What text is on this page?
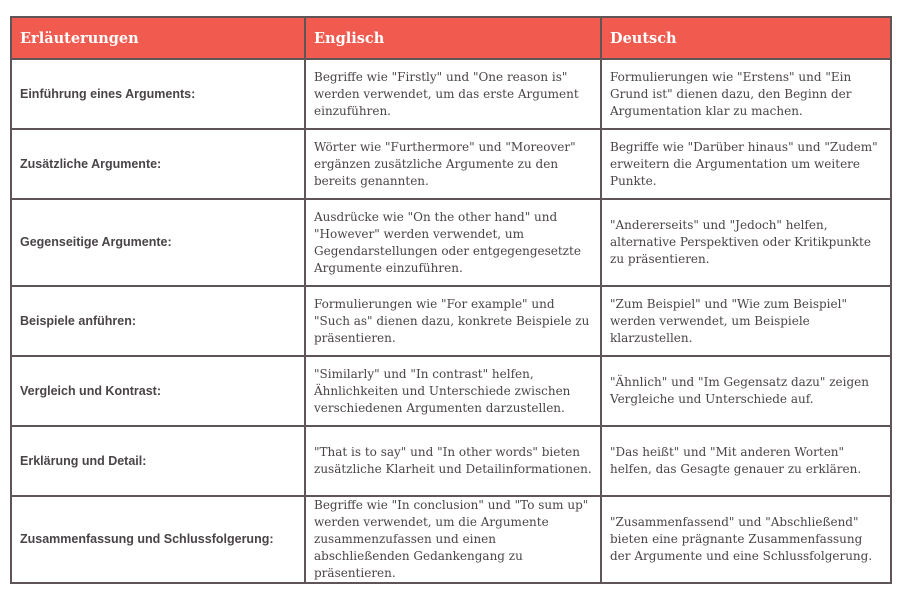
Erläuterungen	Englisch	Deutsch
Einführung eines Arguments:	Begriffe wie "Firstly" und "One reason is" werden verwendet, um das erste Argument einzuführen.	Formulierungen wie "Erstens" und "Ein Grund ist" dienen dazu, den Beginn der Argumentation klar zu machen.
Zusätzliche Argumente:	Wörter wie "Furthermore" und "Moreover" ergänzen zusätzliche Argumente zu den bereits genannten.	Begriffe wie "Darüber hinaus" und "Zudem" erweitern die Argumentation um weitere Punkte.
Gegenseitige Argumente:	Ausdrücke wie "On the other hand" und "However" werden verwendet, um Gegendarstellungen oder entgegengesetzte Argumente einzuführen.	"Andererseits" und "Jedoch" helfen, alternative Perspektiven oder Kritikpunkte zu präsentieren.
Beispiele anführen:	Formulierungen wie "For example" und "Such as" dienen dazu, konkrete Beispiele zu präsentieren.	"Zum Beispiel" und "Wie zum Beispiel" werden verwendet, um Beispiele klarzustellen.
Vergleich und Kontrast:	"Similarly" und "In contrast" helfen, Ähnlichkeiten und Unterschiede zwischen verschiedenen Argumenten darzustellen.	"Ähnlich" und "Im Gegensatz dazu" zeigen Vergleiche und Unterschiede auf.
Erklärung und Detail:	"That is to say" und "In other words" bieten zusätzliche Klarheit und Detailinformationen.	"Das heißt" und "Mit anderen Worten" helfen, das Gesagte genauer zu erklären.
Zusammenfassung und Schlussfolgerung:	Begriffe wie "In conclusion" und "To sum up" werden verwendet, um die Argumente zusammenzufassen und einen abschließenden Gedankengang zu präsentieren.	"Zusammenfassend" und "Abschließend" bieten eine prägnante Zusammenfassung der Argumente und eine Schlussfolgerung.
